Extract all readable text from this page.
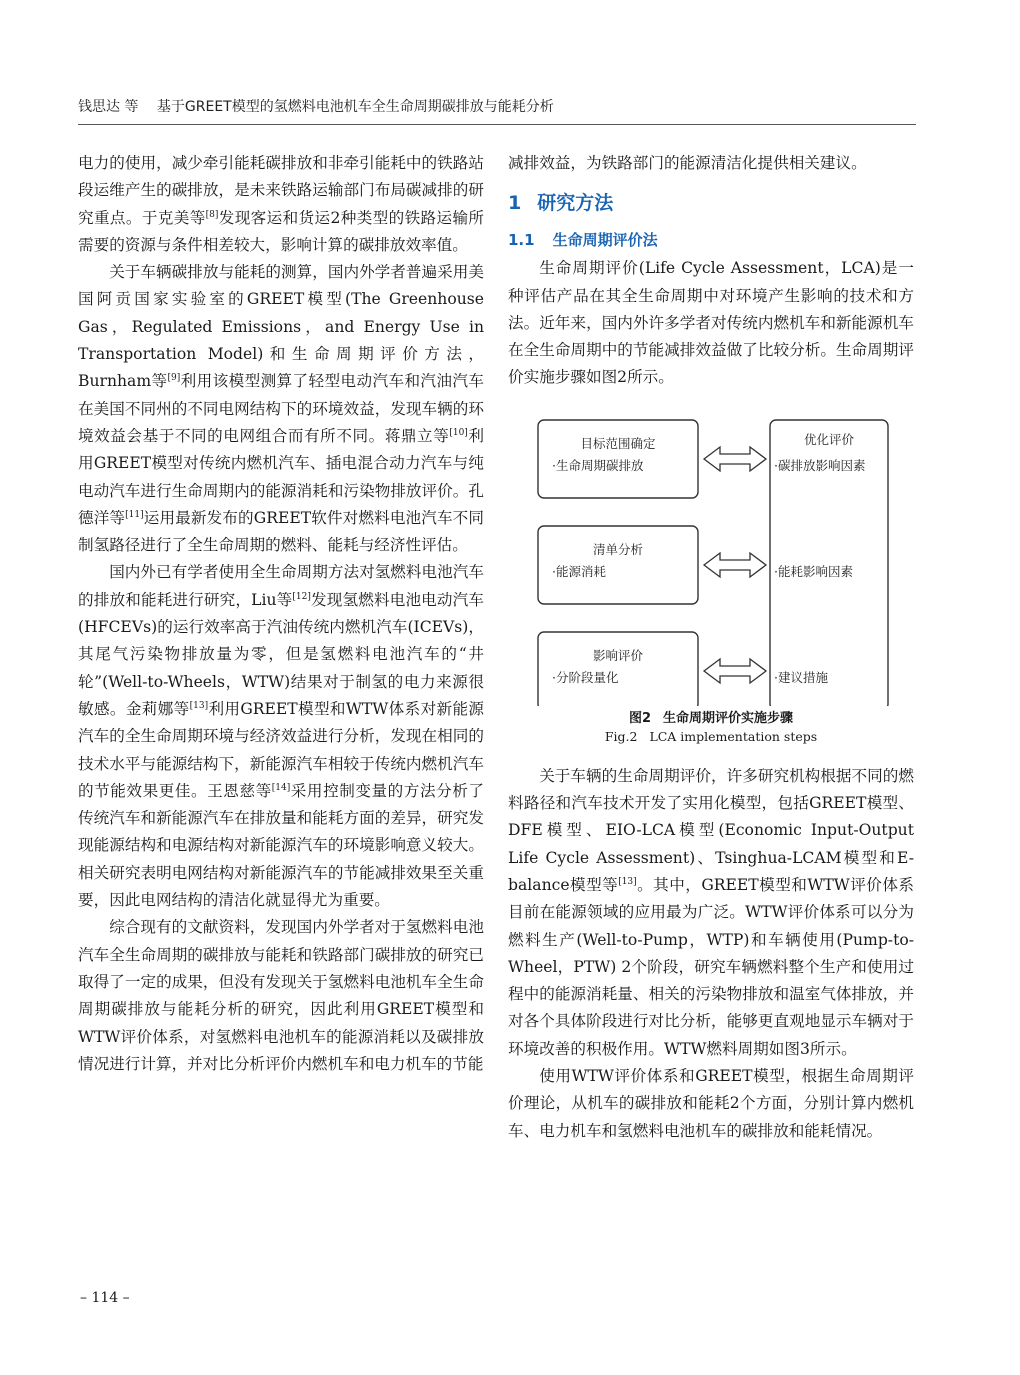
钱思达 等 基于GREET模型的氢燃料电池机车全生命周期碳排放与能耗分析

电力的使用，减少牵引能耗碳排放和非牵引能耗中的铁路站段运维产生的碳排放，是未来铁路运输部门布局碳减排的研究重点。于克美等[8]发现客运和货运2种类型的铁路运输所需要的资源与条件相差较大，影响计算的碳排放效率值。

关于车辆碳排放与能耗的测算，国内外学者普遍采用美国阿贡国家实验室的GREET模型(The Greenhouse Gas，Regulated Emissions，and Energy Use in Transportation Model)和生命周期评价方法，Burnham等[9]利用该模型测算了轻型电动汽车和汽油汽车在美国不同州的不同电网结构下的环境效益，发现车辆的环境效益会基于不同的电网组合而有所不同。蒋鼎立等[10]利用GREET模型对传统内燃机汽车、插电混合动力汽车与纯电动汽车进行生命周期内的能源消耗和污染物排放评价。孔德洋等[11]运用最新发布的GREET软件对燃料电池汽车不同制氢路径进行了全生命周期的燃料、能耗与经济性评估。

国内外已有学者使用全生命周期方法对氢燃料电池汽车的排放和能耗进行研究，Liu等[12]发现氢燃料电池电动汽车(HFCEVs)的运行效率高于汽油传统内燃机汽车(ICEVs)，其尾气污染物排放量为零，但是氢燃料电池汽车的“井轮”(Well-to-Wheels，WTW)结果对于制氢的电力来源很敏感。金莉娜等[13]利用GREET模型和WTW体系对新能源汽车的全生命周期环境与经济效益进行分析，发现在相同的技术水平与能源结构下，新能源汽车相较于传统内燃机汽车的节能效果更佳。王恩慈等[14]采用控制变量的方法分析了传统汽车和新能源汽车在排放量和能耗方面的差异，研究发现能源结构和电源结构对新能源汽车的环境影响意义较大。相关研究表明电网结构对新能源汽车的节能减排效果至关重要，因此电网结构的清洁化就显得尤为重要。

综合现有的文献资料，发现国内外学者对于氢燃料电池汽车全生命周期的碳排放与能耗和铁路部门碳排放的研究已取得了一定的成果，但没有发现关于氢燃料电池机车全生命周期碳排放与能耗分析的研究，因此利用GREET模型和WTW评价体系，对氢燃料电池机车的能源消耗以及碳排放情况进行计算，并对比分析评价内燃机车和电力机车的节能

减排效益，为铁路部门的能源清洁化提供相关建议。

1 研究方法
1.1 生命周期评价法

生命周期评价(Life Cycle Assessment，LCA)是一种评估产品在其全生命周期中对环境产生影响的技术和方法。近年来，国内外许多学者对传统内燃机车和新能源机车在全生命周期中的节能减排效益做了比较分析。生命周期评价实施步骤如图2所示。

目标范围确定
·生命周期碳排放
清单分析
·能源消耗
影响评价
·分阶段量化
优化评价
·碳排放影响因素
·能耗影响因素
·建议措施
图2 生命周期评价实施步骤
Fig.2 LCA implementation steps

关于车辆的生命周期评价，许多研究机构根据不同的燃料路径和汽车技术开发了实用化模型，包括GREET模型、DFE模型、EIO-LCA模型(Economic Input-Output Life Cycle Assessment)、Tsinghua-LCAM模型和E-balance模型等[13]。其中，GREET模型和WTW评价体系目前在能源领域的应用最为广泛。WTW评价体系可以分为燃料生产(Well-to-Pump，WTP)和车辆使用(Pump-to-Wheel，PTW) 2个阶段，研究车辆燃料整个生产和使用过程中的能源消耗量、相关的污染物排放和温室气体排放，并对各个具体阶段进行对比分析，能够更直观地显示车辆对于环境改善的积极作用。WTW燃料周期如图3所示。

使用WTW评价体系和GREET模型，根据生命周期评价理论，从机车的碳排放和能耗2个方面，分别计算内燃机车、电力机车和氢燃料电池机车的碳排放和能耗情况。

– 114 –
